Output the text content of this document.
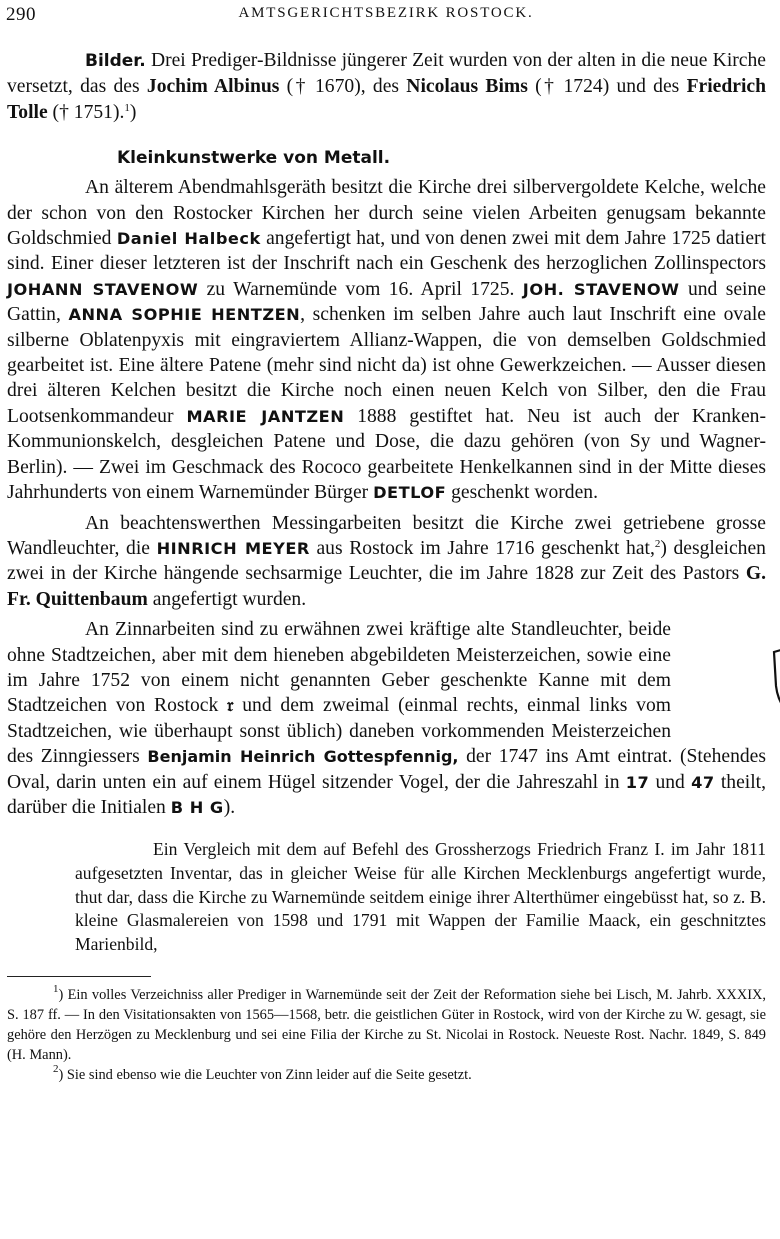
290	AMTSGERICHTSBEZIRK ROSTOCK.

Bilder. Drei Prediger-Bildnisse jüngerer Zeit wurden von der alten in die neue Kirche versetzt, das des Jochim Albinus († 1670), des Nicolaus Bims († 1724) und des Friedrich Tolle († 1751).$^1$)

Kleinkunstwerke von Metall.

An älterem Abendmahlsgeräth besitzt die Kirche drei silbervergoldete Kelche, welche der schon von den Rostocker Kirchen her durch seine vielen Arbeiten genugsam bekannte Goldschmied Daniel Halbeck angefertigt hat, und von denen zwei mit dem Jahre 1725 datiert sind. Einer dieser letzteren ist der Inschrift nach ein Geschenk des herzoglichen Zollinspectors JOHANN STAVENOW zu Warnemünde vom 16. April 1725. JOH. STAVENOW und seine Gattin, ANNA SOPHIE HENTZEN, schenken im selben Jahre auch laut Inschrift eine ovale silberne Oblatenpyxis mit eingraviertem Allianz-Wappen, die von demselben Goldschmied gearbeitet ist. Eine ältere Patene (mehr sind nicht da) ist ohne Gewerkzeichen. — Ausser diesen drei älteren Kelchen besitzt die Kirche noch einen neuen Kelch von Silber, den die Frau Lootsenkommandeur MARIE JANTZEN 1888 gestiftet hat. Neu ist auch der Kranken-Kommunionskelch, desgleichen Patene und Dose, die dazu gehören (von Sy und Wagner-Berlin). — Zwei im Geschmack des Rococo gearbeitete Henkelkannen sind in der Mitte dieses Jahrhunderts von einem Warnemünder Bürger DETLOF geschenkt worden.

An beachtenswerthen Messingarbeiten besitzt die Kirche zwei getriebene grosse Wandleuchter, die HINRICH MEYER aus Rostock im Jahre 1716 geschenkt hat,$^2$) desgleichen zwei in der Kirche hängende sechsarmige Leuchter, die im Jahre 1828 zur Zeit des Pastors G. Fr. Quittenbaum angefertigt wurden.

An Zinnarbeiten sind zu erwähnen zwei kräftige alte Standleuchter, beide ohne Stadtzeichen, aber mit dem hieneben abgebildeten Meisterzeichen, sowie eine im Jahre 1752 von einem nicht genannten Geber geschenkte Kanne mit dem Stadtzeichen von Rostock 𝔯 und dem zweimal (einmal rechts, einmal links vom Stadtzeichen, wie überhaupt sonst üblich) daneben vorkommenden Meisterzeichen des Zinngiessers Benjamin Heinrich Gottespfennig, der 1747 ins Amt eintrat. (Stehendes Oval, darin unten ein auf einem Hügel sitzender Vogel, der die Jahreszahl in 17 und 47 theilt, darüber die Initialen B H G).

Ein Vergleich mit dem auf Befehl des Grossherzogs Friedrich Franz I. im Jahr 1811 aufgesetzten Inventar, das in gleicher Weise für alle Kirchen Mecklenburgs angefertigt wurde, thut dar, dass die Kirche zu Warnemünde seitdem einige ihrer Alterthümer eingebüsst hat, so z. B. kleine Glasmalereien von 1598 und 1791 mit Wappen der Familie Maack, ein geschnitztes Marienbild,

$^1$) Ein volles Verzeichniss aller Prediger in Warnemünde seit der Zeit der Reformation siehe bei Lisch, M. Jahrb. XXXIX, S. 187 ff. — In den Visitationsakten von 1565—1568, betr. die geistlichen Güter in Rostock, wird von der Kirche zu W. gesagt, sie gehöre den Herzögen zu Mecklenburg und sei eine Filia der Kirche zu St. Nicolai in Rostock. Neueste Rost. Nachr. 1849, S. 849 (H. Mann).

$^2$) Sie sind ebenso wie die Leuchter von Zinn leider auf die Seite gesetzt.
